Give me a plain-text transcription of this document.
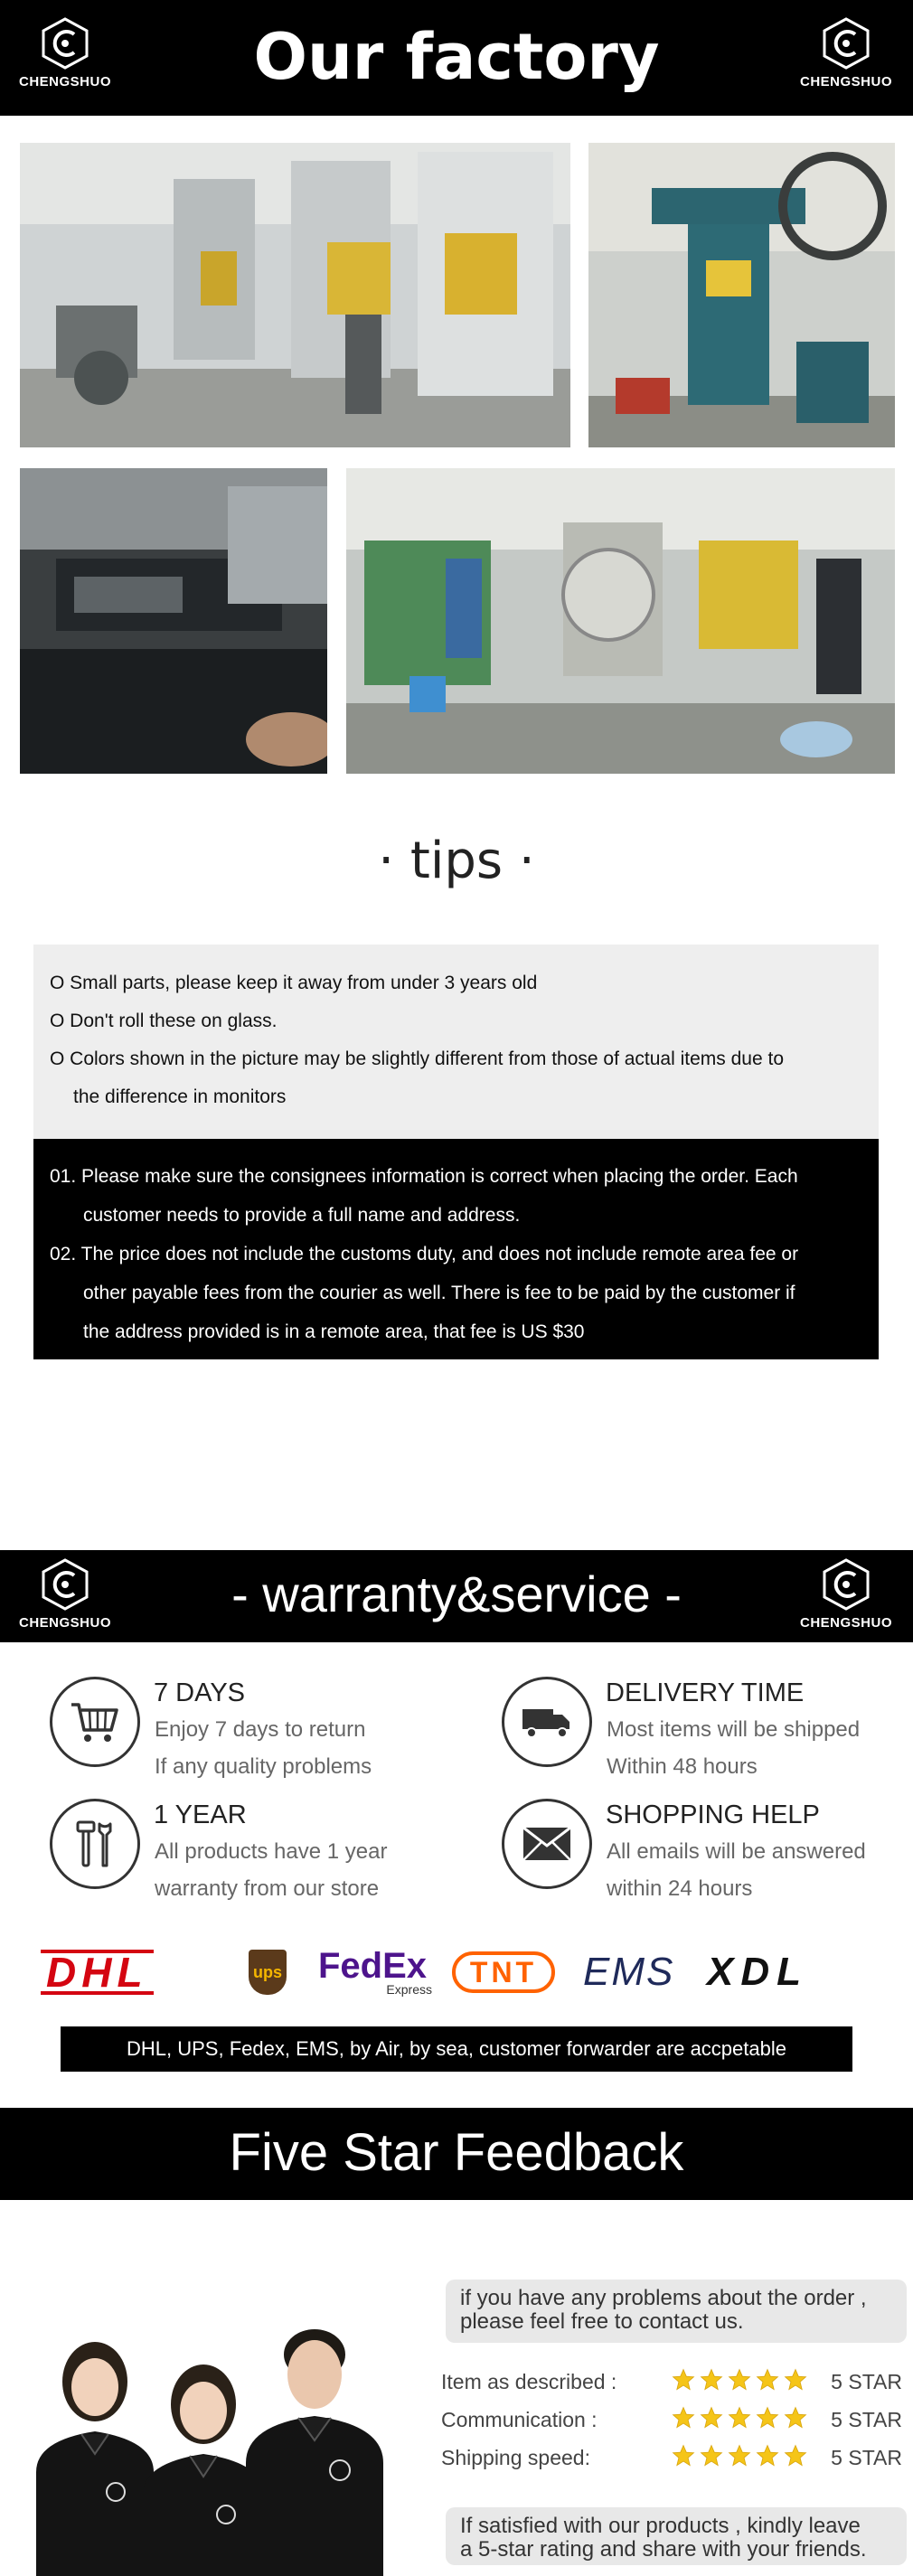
CHENGSHUO	Our factory	CHENGSHUO
· tips ·
O Small parts, please keep it away from under 3 years old
O Don't roll these on glass.
O Colors shown in the picture may be slightly different from those of actual items due to
the difference in monitors
01. Please make sure the consignees information is correct when placing the order. Each
customer needs to provide a full name and address.
02. The price does not include the customs duty, and does not include remote area fee or
other payable fees from the courier as well. There is fee to be paid by the customer if
the address provided is in a remote area, that fee is US $30
CHENGSHUO
- warranty&service -
CHENGSHUO
7 DAYS
Enjoy 7 days to return
If any quality problems
DELIVERY TIME
Most items will be shipped
Within 48 hours
1 YEAR
All products have 1 year
warranty from our store
SHOPPING HELP
All emails will be answered
within 24 hours
DHL	ups FedEx
Express
TNT	EMS XDL
DHL, UPS, Fedex, EMS, by Air, by sea, customer forwarder are accpetable
Five Star Feedback
if you have any problems about the order ,
please feel free to contact us.
Item as described :	5 STAR
Communication :	5 STAR
Shipping speed:	5 STAR
If satisfied with our products , kindly leave
a 5-star rating and share with your friends.
